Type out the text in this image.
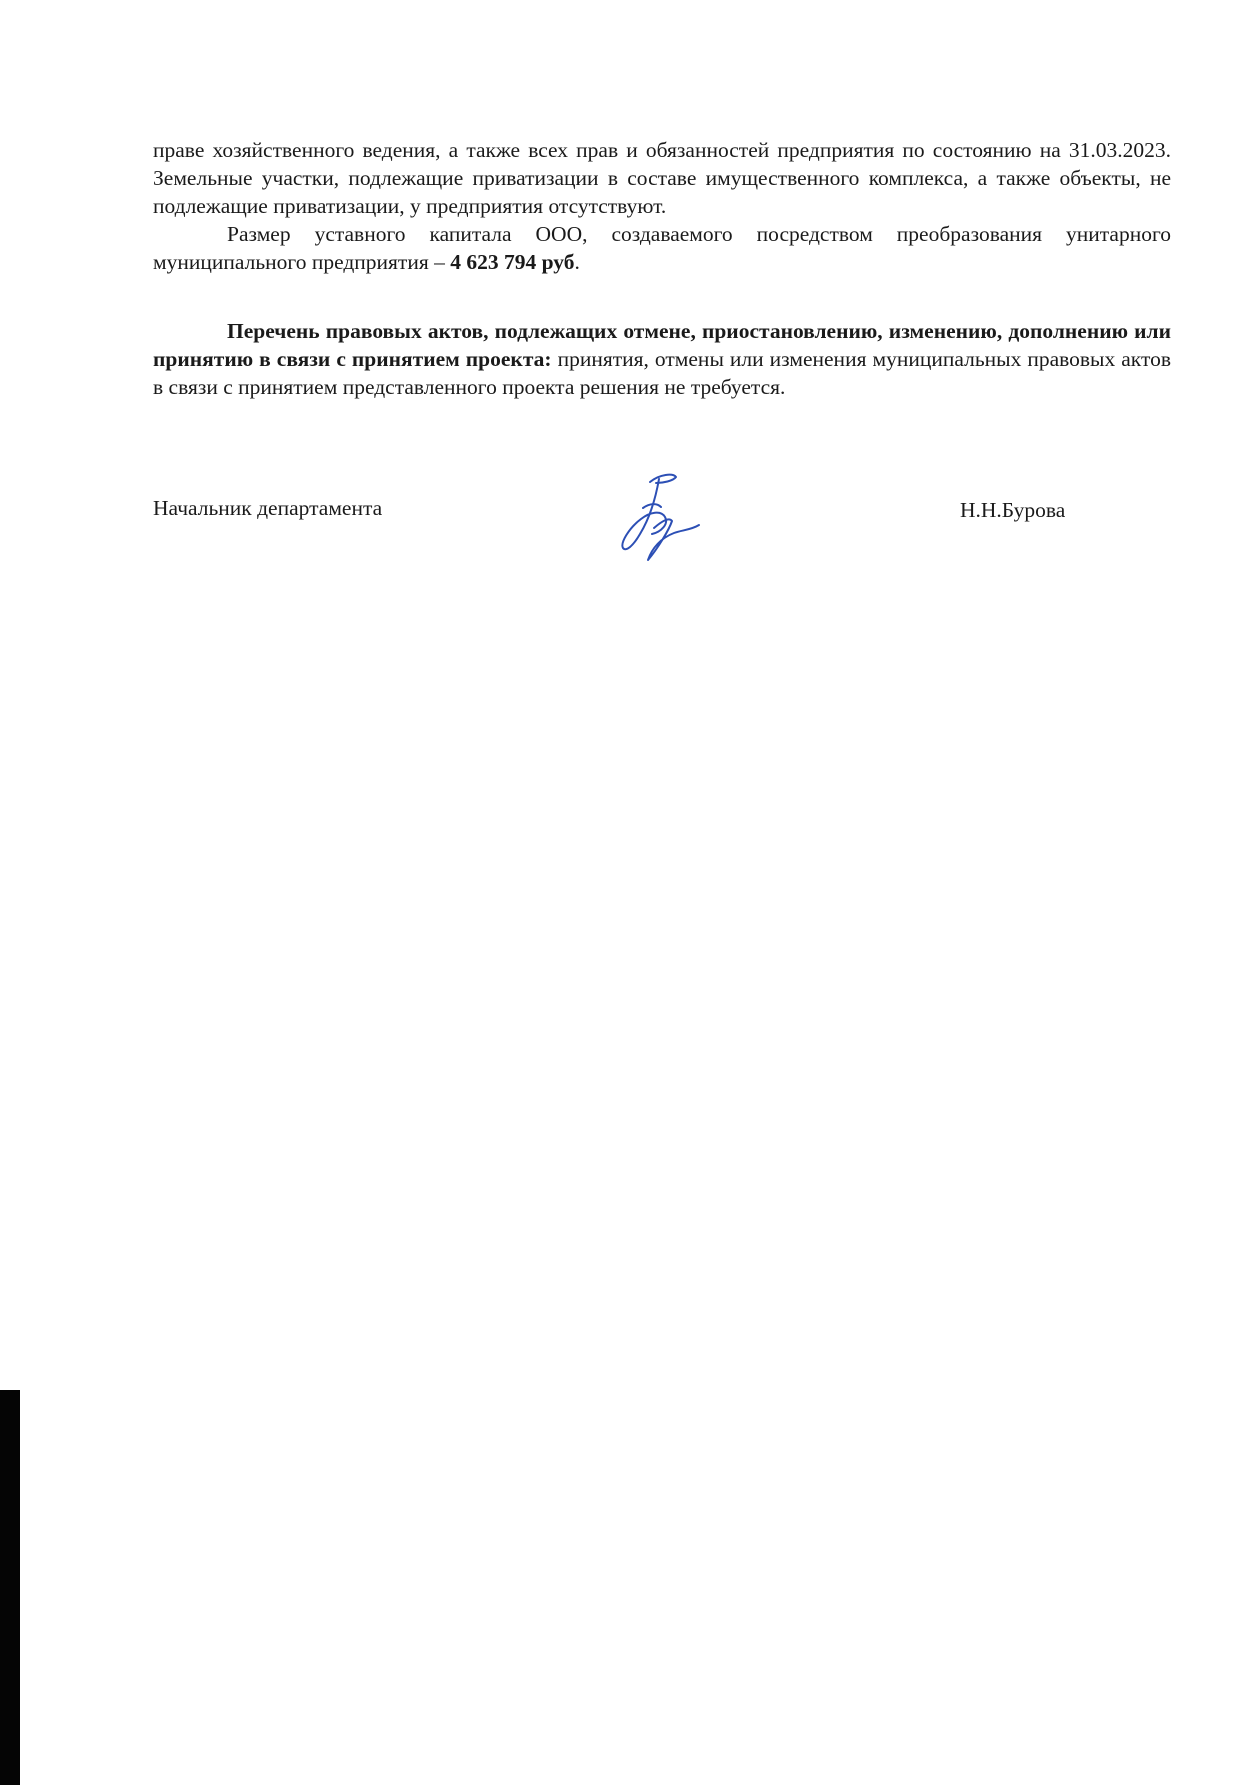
праве хозяйственного ведения, а также всех прав и обязанностей предприятия по состоянию на 31.03.2023. Земельные участки, подлежащие приватизации в составе имущественного комплекса, а также объекты, не подлежащие приватизации, у предприятия отсутствуют.

Размер уставного капитала ООО, создаваемого посредством преобразования унитарного муниципального предприятия – 4 623 794 руб.

Перечень правовых актов, подлежащих отмене, приостановлению, изменению, дополнению или принятию в связи с принятием проекта: принятия, отмены или изменения муниципальных правовых актов в связи с принятием представленного проекта решения не требуется.

Начальник департамента	Н.Н.Бурова
